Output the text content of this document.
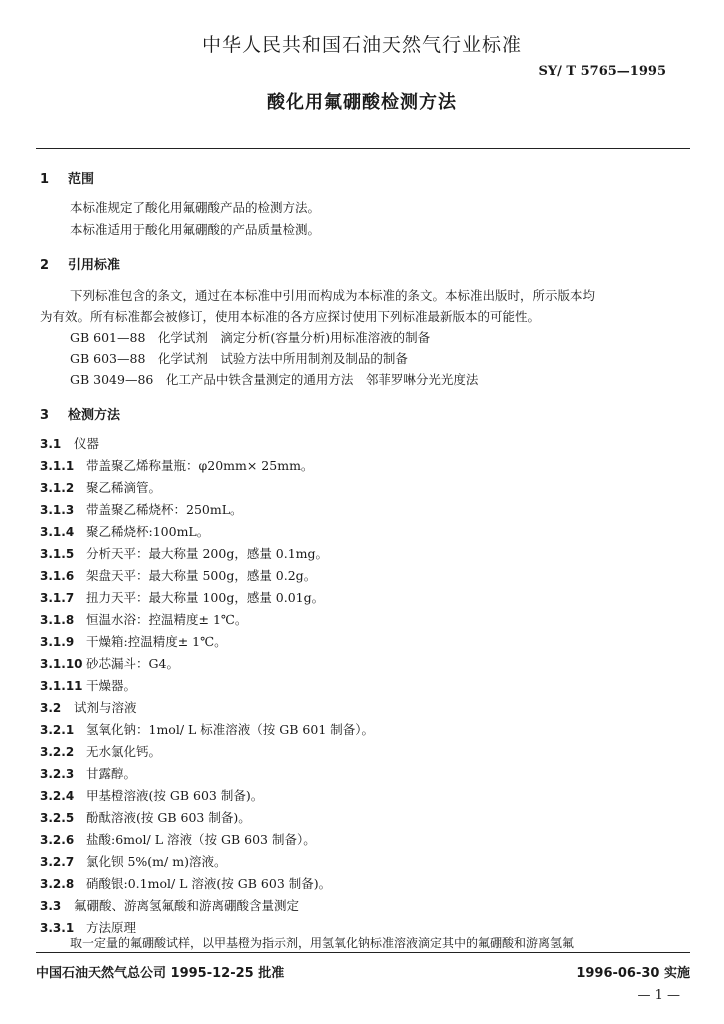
中华人民共和国石油天然气行业标准
SY/ T 5765—1995
酸化用氟硼酸检测方法
1 范围
本标准规定了酸化用氟硼酸产品的检测方法。
本标准适用于酸化用氟硼酸的产品质量检测。
2 引用标准
下列标准包含的条文，通过在本标准中引用而构成为本标准的条文。本标准出版时，所示版本均
为有效。所有标准都会被修订，使用本标准的各方应探讨使用下列标准最新版本的可能性。
GB 601—88　化学试剂　滴定分析(容量分析)用标准溶液的制备
GB 603—88　化学试剂　试验方法中所用制剂及制品的制备
GB 3049—86　化工产品中铁含量测定的通用方法　邻菲罗啉分光光度法
3 检测方法
3.1 仪器
3.1.1 带盖聚乙烯称量瓶：φ20mm× 25mm。
3.1.2 聚乙稀滴管。
3.1.3 带盖聚乙稀烧杯：250mL。
3.1.4 聚乙稀烧杯:100mL。
3.1.5 分析天平：最大称量 200g，感量 0.1mg。
3.1.6 架盘天平：最大称量 500g，感量 0.2g。
3.1.7 扭力天平：最大称量 100g，感量 0.01g。
3.1.8 恒温水浴：控温精度± 1℃。
3.1.9 干燥箱:控温精度± 1℃。
3.1.10 砂芯漏斗：G4。
3.1.11 干燥器。
3.2 试剂与溶液
3.2.1 氢氧化钠：1mol/ L 标准溶液（按 GB 601 制备）。
3.2.2 无水氯化钙。
3.2.3 甘露醇。
3.2.4 甲基橙溶液(按 GB 603 制备)。
3.2.5 酚酞溶液(按 GB 603 制备)。
3.2.6 盐酸:6mol/ L 溶液（按 GB 603 制备）。
3.2.7 氯化钡 5%(m/ m)溶液。
3.2.8 硝酸银:0.1mol/ L 溶液(按 GB 603 制备)。
3.3 氟硼酸、游离氢氟酸和游离硼酸含量测定
3.3.1 方法原理
取一定量的氟硼酸试样，以甲基橙为指示剂，用氢氧化钠标准溶液滴定其中的氟硼酸和游离氢氟
中国石油天然气总公司 1995-12-25 批准	1996-06-30 实施
— 1 —
